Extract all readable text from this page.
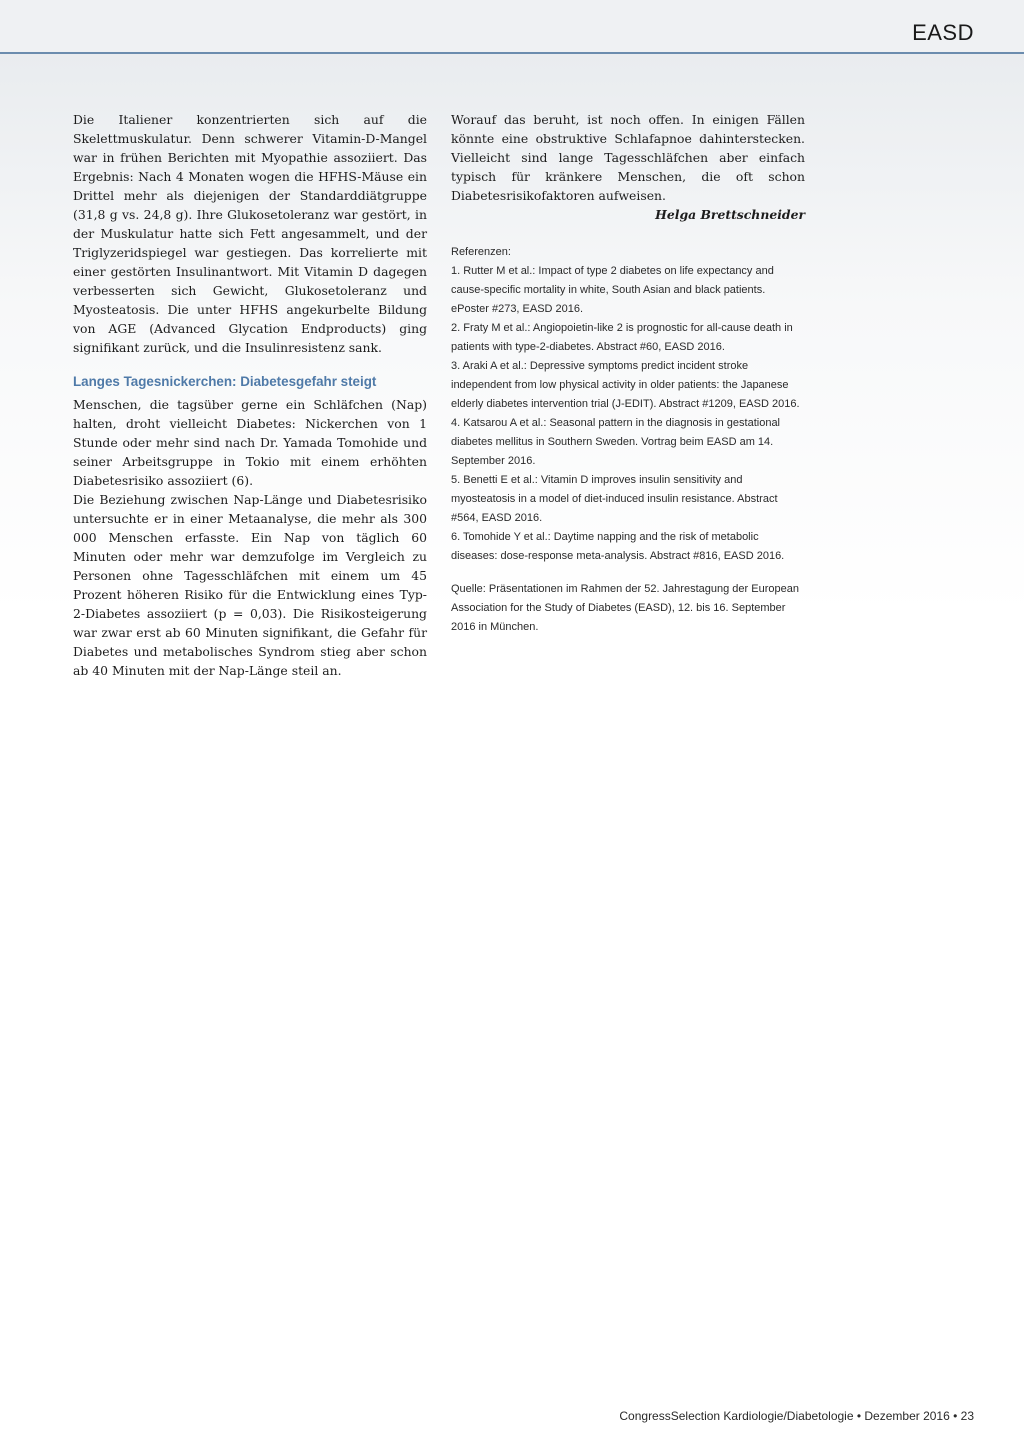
EASD

Die Italiener konzentrierten sich auf die Skelettmuskulatur. Denn schwerer Vitamin-D-Mangel war in frühen Berichten mit Myopathie assoziiert. Das Ergebnis: Nach 4 Monaten wogen die HFHS-Mäuse ein Drittel mehr als diejenigen der Standarddiätgruppe (31,8 g vs. 24,8 g). Ihre Glukosetoleranz war gestört, in der Muskulatur hatte sich Fett angesammelt, und der Triglyzeridspiegel war gestiegen. Das korrelierte mit einer gestörten Insulinantwort. Mit Vitamin D dagegen verbesserten sich Gewicht, Glukosetoleranz und Myosteatosis. Die unter HFHS angekurbelte Bildung von AGE (Advanced Glycation Endproducts) ging signifikant zurück, und die Insulinresistenz sank.

Langes Tagesnickerchen: Diabetesgefahr steigt

Menschen, die tagsüber gerne ein Schläfchen (Nap) halten, droht vielleicht Diabetes: Nickerchen von 1 Stunde oder mehr sind nach Dr. Yamada Tomohide und seiner Arbeitsgruppe in Tokio mit einem erhöhten Diabetesrisiko assoziiert (6).

Die Beziehung zwischen Nap-Länge und Diabetesrisiko untersuchte er in einer Metaanalyse, die mehr als 300 000 Menschen erfasste. Ein Nap von täglich 60 Minuten oder mehr war demzufolge im Vergleich zu Personen ohne Tagesschläfchen mit einem um 45 Prozent höheren Risiko für die Entwicklung eines Typ-2-Diabetes assoziiert (p = 0,03). Die Risikosteigerung war zwar erst ab 60 Minuten signifikant, die Gefahr für Diabetes und metabolisches Syndrom stieg aber schon ab 40 Minuten mit der Nap-Länge steil an.

Worauf das beruht, ist noch offen. In einigen Fällen könnte eine obstruktive Schlafapnoe dahinterstecken. Vielleicht sind lange Tagesschläfchen aber einfach typisch für kränkere Menschen, die oft schon Diabetesrisikofaktoren aufweisen.

Helga Brettschneider

Referenzen:

1. Rutter M et al.: Impact of type 2 diabetes on life expectancy and cause-specific mortality in white, South Asian and black patients. ePoster #273, EASD 2016.

2. Fraty M et al.: Angiopoietin-like 2 is prognostic for all-cause death in patients with type-2-diabetes. Abstract #60, EASD 2016.

3. Araki A et al.: Depressive symptoms predict incident stroke independent from low physical activity in older patients: the Japanese elderly diabetes intervention trial (J-EDIT). Abstract #1209, EASD 2016.

4. Katsarou A et al.: Seasonal pattern in the diagnosis in gestational diabetes mellitus in Southern Sweden. Vortrag beim EASD am 14. September 2016.

5. Benetti E et al.: Vitamin D improves insulin sensitivity and myosteatosis in a model of diet-induced insulin resistance. Abstract #564, EASD 2016.

6. Tomohide Y et al.: Daytime napping and the risk of metabolic diseases: dose-response meta-analysis. Abstract #816, EASD 2016.

Quelle: Präsentationen im Rahmen der 52. Jahrestagung der European Association for the Study of Diabetes (EASD), 12. bis 16. September 2016 in München.

CongressSelection Kardiologie/Diabetologie • Dezember 2016 • 23
